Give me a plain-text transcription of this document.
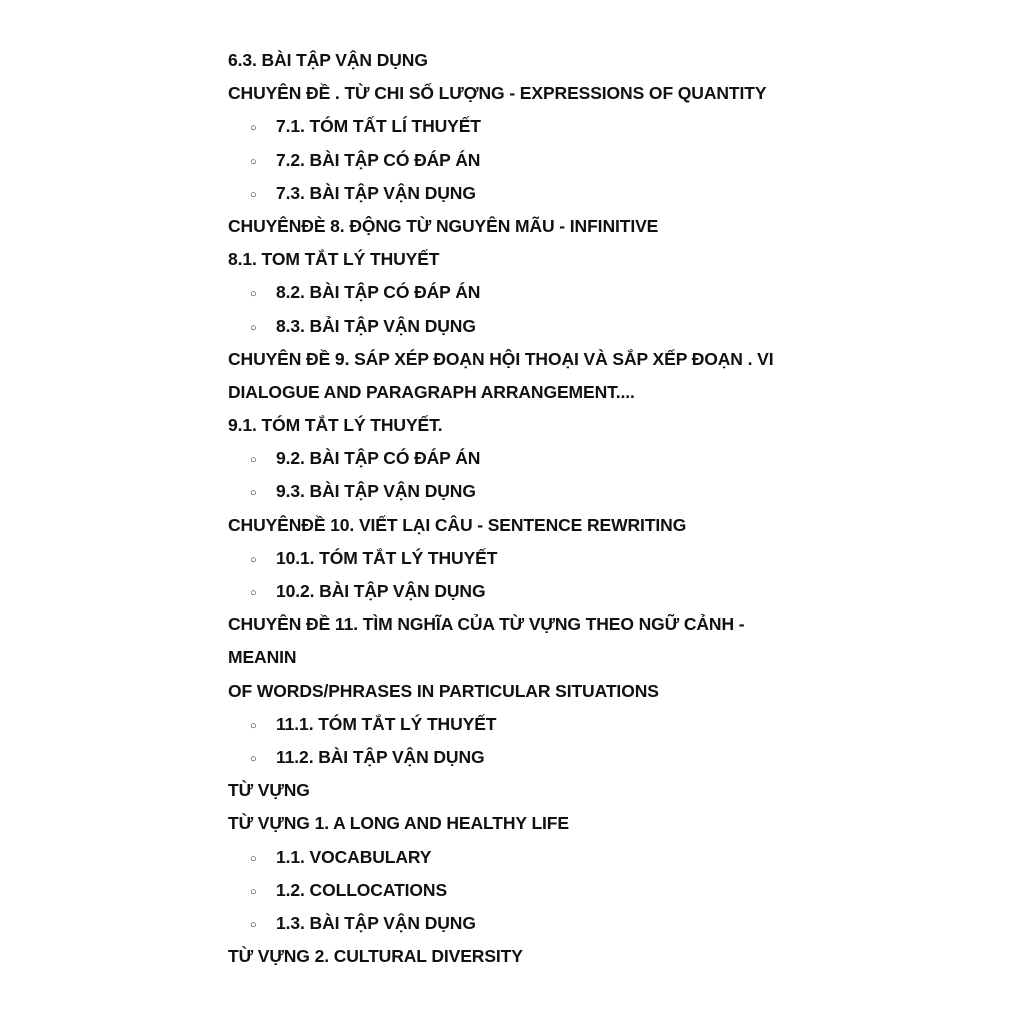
6.3. BÀI TẬP VẬN DỤNG
CHUYÊN ĐỀ . TỪ CHI SỐ LƯỢNG - EXPRESSIONS OF QUANTITY
○ 7.1. TÓM TẤT LÍ THUYẾT
○ 7.2. BÀI TẬP CÓ ĐÁP ÁN
○ 7.3. BÀI TẬP VẬN DỤNG
CHUYÊNĐÈ 8. ĐỘNG TỪ NGUYÊN MÃU - INFINITIVE
8.1. TOM TẮT LÝ THUYẾT
○ 8.2. BÀI TẬP CÓ ĐÁP ÁN
○ 8.3. BẢI TẬP VẬN DỤNG
CHUYÊN ĐỀ 9. SÁP XÉP ĐOẠN HỘI THOẠI VÀ SẮP XẾP ĐOẠN . VI
DIALOGUE AND PARAGRAPH ARRANGEMENT....
9.1. TÓM TẮT LÝ THUYẾT.
○ 9.2. BÀI TẬP CÓ ĐÁP ÁN
○ 9.3. BÀI TẬP VẬN DỤNG
CHUYÊNĐỀ 10. VIẾT LẠI CÂU - SENTENCE REWRITING
○ 10.1. TÓM TẮT LÝ THUYẾT
○ 10.2. BÀI TẬP VẬN DỤNG
CHUYÊN ĐỀ 11. TÌM NGHĨA CỦA TỪ VỰNG THEO NGỮ CẢNH -
MEANIN
OF WORDS/PHRASES IN PARTICULAR SITUATIONS
○ 11.1. TÓM TẮT LÝ THUYẾT
○ 11.2. BÀI TẬP VẬN DỤNG
TỪ VỰNG
TỪ VỰNG 1. A LONG AND HEALTHY LIFE
○ 1.1. VOCABULARY
○ 1.2. COLLOCATIONS
○ 1.3. BÀI TẬP VẬN DỤNG
TỪ VỰNG 2. CULTURAL DIVERSITY
